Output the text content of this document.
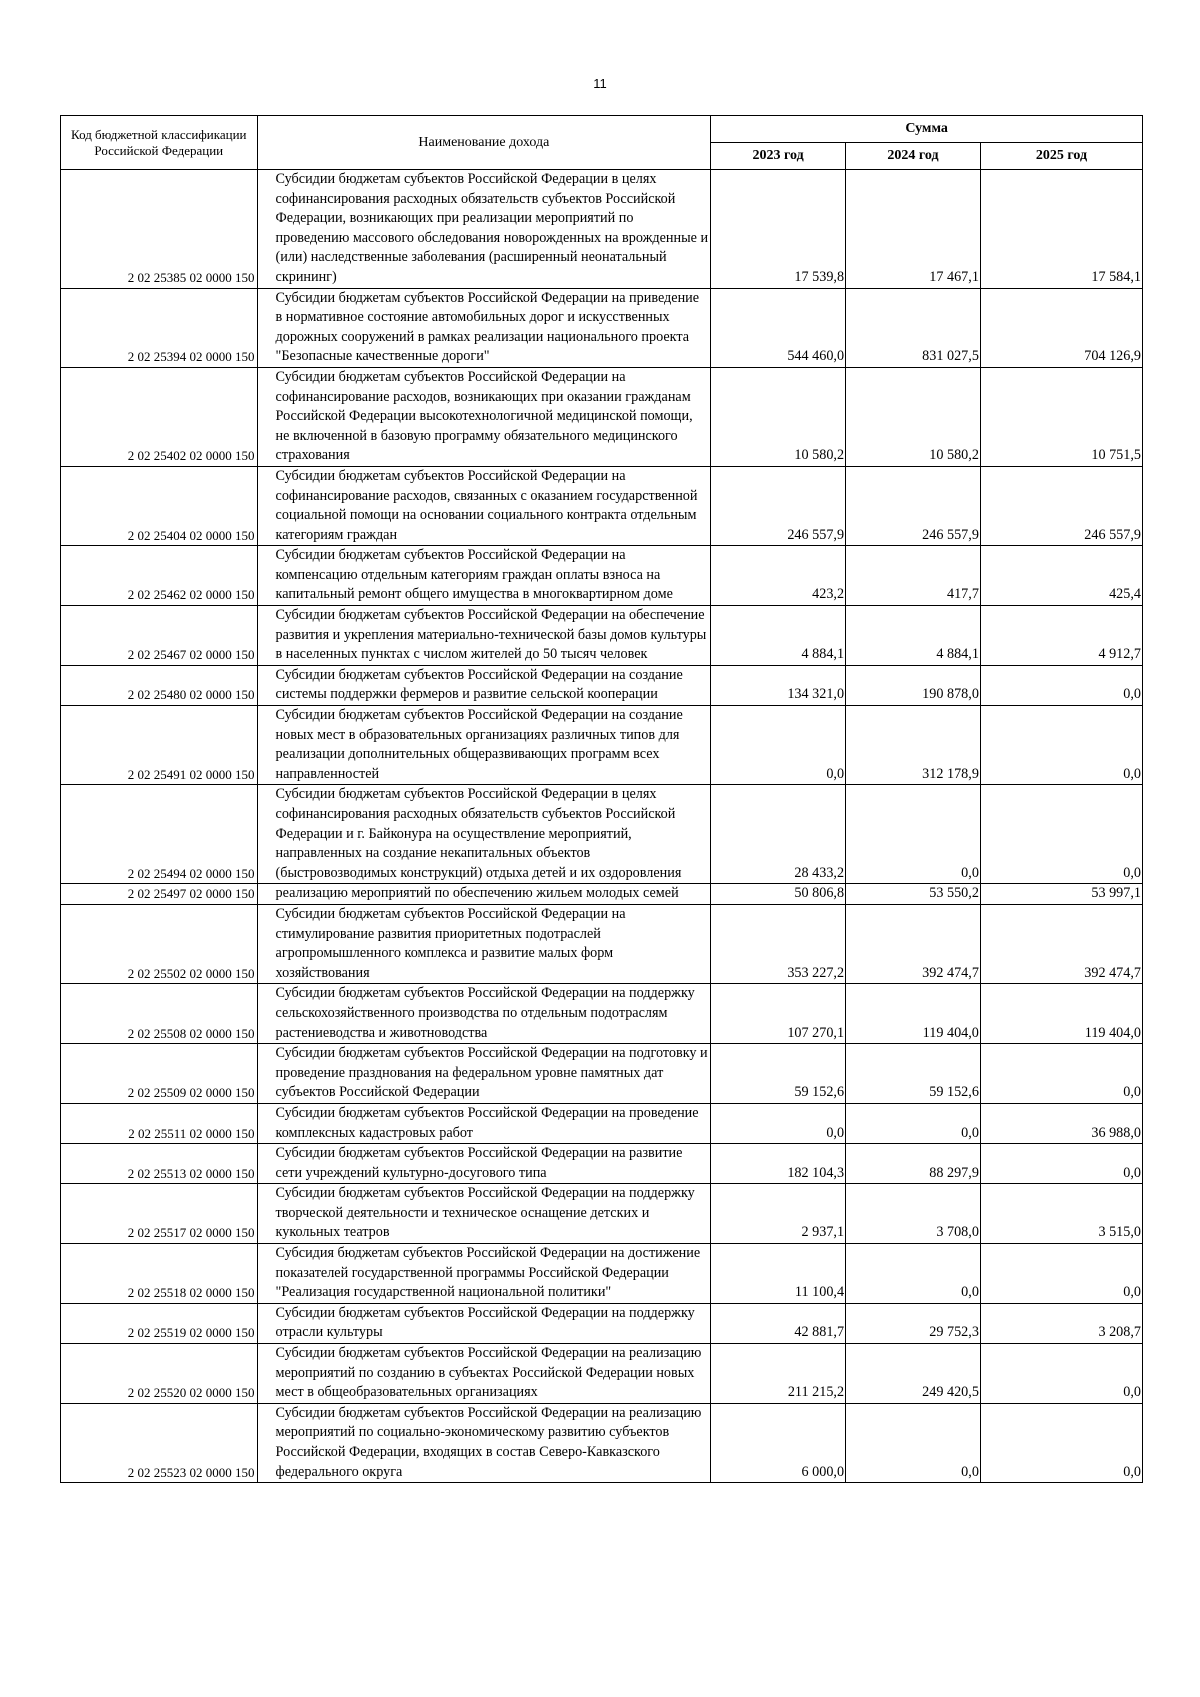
11
Код бюджетной классификации Российской Федерации	Наименование дохода	Сумма		
		2023 год	2024 год	2025 год
2 02 25385 02 0000 150	Субсидии бюджетам субъектов Российской Федерации в целях софинансирования расходных обязательств субъектов Российской Федерации, возникающих при реализации мероприятий по проведению массового обследования новорожденных на врожденные и (или) наследственные заболевания (расширенный неонатальный скрининг)	17 539,8	17 467,1	17 584,1
2 02 25394 02 0000 150	Субсидии бюджетам субъектов Российской Федерации на приведение в нормативное состояние автомобильных дорог и искусственных дорожных сооружений в рамках реализации национального проекта "Безопасные качественные дороги"	544 460,0	831 027,5	704 126,9
2 02 25402 02 0000 150	Субсидии бюджетам субъектов Российской Федерации на софинансирование расходов, возникающих при оказании гражданам Российской Федерации высокотехнологичной медицинской помощи, не включенной в базовую программу обязательного медицинского страхования	10 580,2	10 580,2	10 751,5
2 02 25404 02 0000 150	Субсидии бюджетам субъектов Российской Федерации на софинансирование расходов, связанных с оказанием государственной социальной помощи на основании социального контракта отдельным категориям граждан	246 557,9	246 557,9	246 557,9
2 02 25462 02 0000 150	Субсидии бюджетам субъектов Российской Федерации на компенсацию отдельным категориям граждан оплаты взноса на капитальный ремонт общего имущества в многоквартирном доме	423,2	417,7	425,4
2 02 25467 02 0000 150	Субсидии бюджетам субъектов Российской Федерации на обеспечение развития и укрепления материально-технической базы домов культуры в населенных пунктах с числом жителей до 50 тысяч человек	4 884,1	4 884,1	4 912,7
2 02 25480 02 0000 150	Субсидии бюджетам субъектов Российской Федерации на создание системы поддержки фермеров и развитие сельской кооперации	134 321,0	190 878,0	0,0
2 02 25491 02 0000 150	Субсидии бюджетам субъектов Российской Федерации на создание новых мест в образовательных организациях различных типов для реализации дополнительных общеразвивающих программ всех направленностей	0,0	312 178,9	0,0
2 02 25494 02 0000 150	Субсидии бюджетам субъектов Российской Федерации в целях софинансирования расходных обязательств субъектов Российской Федерации и г. Байконура на осуществление мероприятий, направленных на создание некапитальных объектов (быстровозводимых конструкций) отдыха детей и их оздоровления	28 433,2	0,0	0,0
2 02 25497 02 0000 150	реализацию мероприятий по обеспечению жильем молодых семей	50 806,8	53 550,2	53 997,1
2 02 25502 02 0000 150	Субсидии бюджетам субъектов Российской Федерации на стимулирование развития приоритетных подотраслей агропромышленного комплекса и развитие малых форм хозяйствования	353 227,2	392 474,7	392 474,7
2 02 25508 02 0000 150	Субсидии бюджетам субъектов Российской Федерации на поддержку сельскохозяйственного производства по отдельным подотраслям растениеводства и животноводства	107 270,1	119 404,0	119 404,0
2 02 25509 02 0000 150	Субсидии бюджетам субъектов Российской Федерации на подготовку и проведение празднования на федеральном уровне памятных дат субъектов Российской Федерации	59 152,6	59 152,6	0,0
2 02 25511 02 0000 150	Субсидии бюджетам субъектов Российской Федерации на проведение комплексных кадастровых работ	0,0	0,0	36 988,0
2 02 25513 02 0000 150	Субсидии бюджетам субъектов Российской Федерации на развитие сети учреждений культурно-досугового типа	182 104,3	88 297,9	0,0
2 02 25517 02 0000 150	Субсидии бюджетам субъектов Российской Федерации на поддержку творческой деятельности и техническое оснащение детских и кукольных театров	2 937,1	3 708,0	3 515,0
2 02 25518 02 0000 150	Субсидия бюджетам субъектов Российской Федерации на достижение показателей государственной программы Российской Федерации "Реализация государственной национальной политики"	11 100,4	0,0	0,0
2 02 25519 02 0000 150	Субсидии бюджетам субъектов Российской Федерации на поддержку отрасли культуры	42 881,7	29 752,3	3 208,7
2 02 25520 02 0000 150	Субсидии бюджетам субъектов Российской Федерации на реализацию мероприятий по созданию в субъектах Российской Федерации новых мест в общеобразовательных организациях	211 215,2	249 420,5	0,0
2 02 25523 02 0000 150	Субсидии бюджетам субъектов Российской Федерации на реализацию мероприятий по социально-экономическому развитию субъектов Российской Федерации, входящих в состав Северо-Кавказского федерального округа	6 000,0	0,0	0,0
